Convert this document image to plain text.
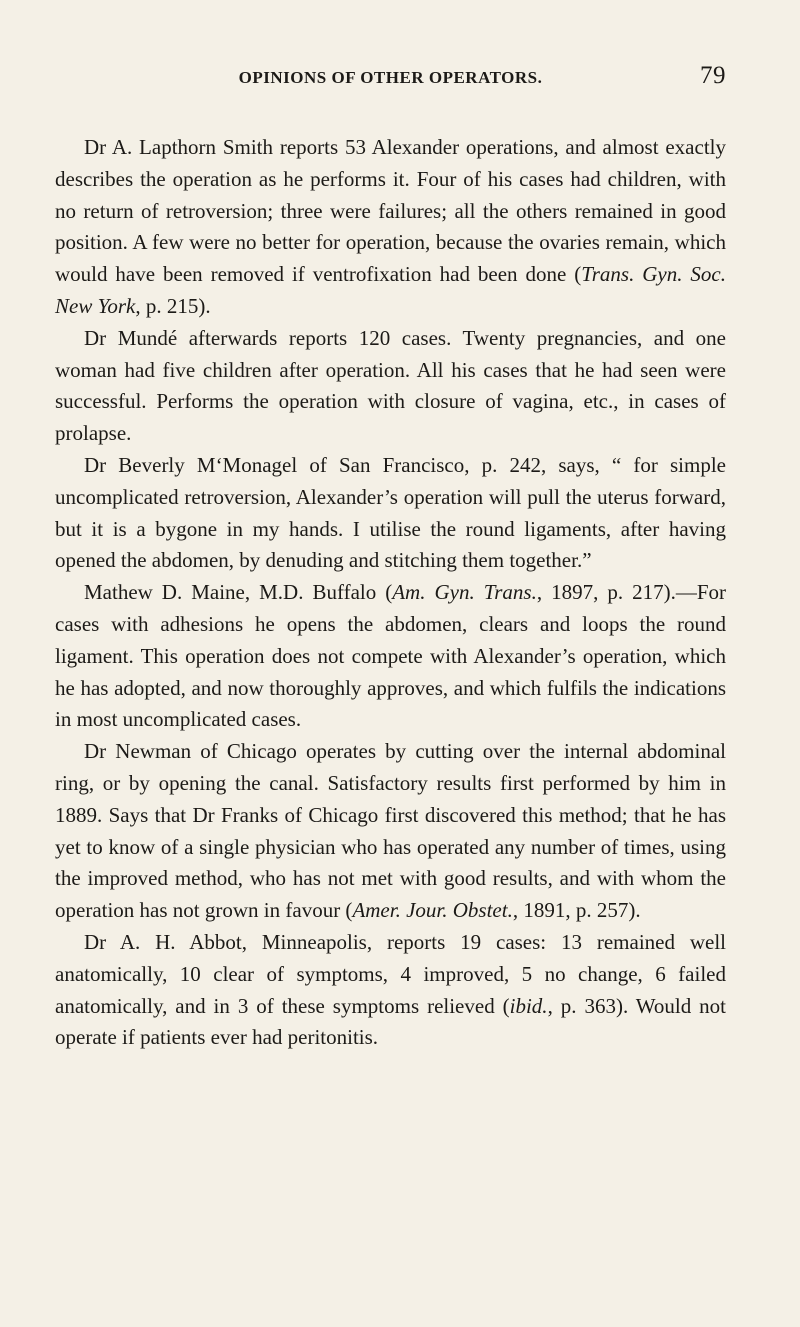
OPINIONS OF OTHER OPERATORS.	79

Dr A. Lapthorn Smith reports 53 Alexander operations, and almost exactly describes the operation as he performs it. Four of his cases had children, with no return of retroversion; three were failures; all the others remained in good position. A few were no better for operation, because the ovaries remain, which would have been removed if ventrofixation had been done (Trans. Gyn. Soc. New York, p. 215).

Dr Mundé afterwards reports 120 cases. Twenty pregnancies, and one woman had five children after operation. All his cases that he had seen were successful. Performs the operation with closure of vagina, etc., in cases of prolapse.

Dr Beverly M‘Monagel of San Francisco, p. 242, says, “ for simple uncomplicated retroversion, Alexander’s operation will pull the uterus forward, but it is a bygone in my hands. I utilise the round ligaments, after having opened the abdomen, by denuding and stitching them together.”

Mathew D. Maine, M.D. Buffalo (Am. Gyn. Trans., 1897, p. 217).—For cases with adhesions he opens the abdomen, clears and loops the round ligament. This operation does not compete with Alexander’s operation, which he has adopted, and now thoroughly approves, and which fulfils the indications in most uncomplicated cases.

Dr Newman of Chicago operates by cutting over the internal abdominal ring, or by opening the canal. Satisfactory results first performed by him in 1889. Says that Dr Franks of Chicago first discovered this method; that he has yet to know of a single physician who has operated any number of times, using the improved method, who has not met with good results, and with whom the operation has not grown in favour (Amer. Jour. Obstet., 1891, p. 257).

Dr A. H. Abbot, Minneapolis, reports 19 cases: 13 remained well anatomically, 10 clear of symptoms, 4 improved, 5 no change, 6 failed anatomically, and in 3 of these symptoms relieved (ibid., p. 363). Would not operate if patients ever had peritonitis.
